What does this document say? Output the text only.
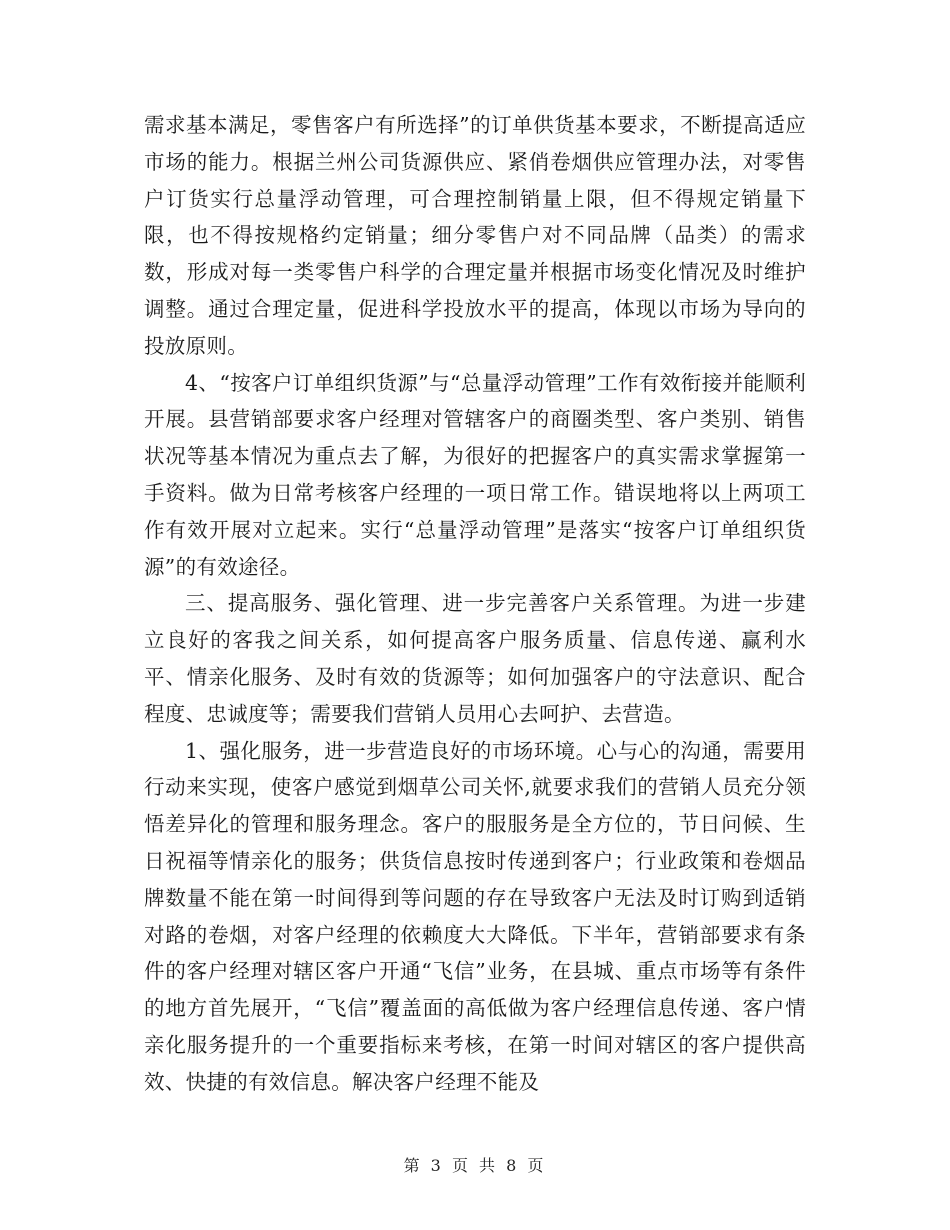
需求基本满足，零售客户有所选择”的订单供货基本要求，不断提高适应市场的能力。根据兰州公司货源供应、紧俏卷烟供应管理办法，对零售户订货实行总量浮动管理，可合理控制销量上限，但不得规定销量下限，也不得按规格约定销量；细分零售户对不同品牌（品类）的需求数，形成对每一类零售户科学的合理定量并根据市场变化情况及时维护调整。通过合理定量，促进科学投放水平的提高，体现以市场为导向的投放原则。

4、“按客户订单组织货源”与“总量浮动管理”工作有效衔接并能顺利开展。县营销部要求客户经理对管辖客户的商圈类型、客户类别、销售状况等基本情况为重点去了解，为很好的把握客户的真实需求掌握第一手资料。做为日常考核客户经理的一项日常工作。错误地将以上两项工作有效开展对立起来。实行“总量浮动管理”是落实“按客户订单组织货源”的有效途径。

三、提高服务、强化管理、进一步完善客户关系管理。为进一步建立良好的客我之间关系，如何提高客户服务质量、信息传递、赢利水平、情亲化服务、及时有效的货源等；如何加强客户的守法意识、配合程度、忠诚度等；需要我们营销人员用心去呵护、去营造。

1、强化服务，进一步营造良好的市场环境。心与心的沟通，需要用行动来实现，使客户感觉到烟草公司关怀,就要求我们的营销人员充分领悟差异化的管理和服务理念。客户的服服务是全方位的，节日问候、生日祝福等情亲化的服务；供货信息按时传递到客户；行业政策和卷烟品牌数量不能在第一时间得到等问题的存在导致客户无法及时订购到适销对路的卷烟，对客户经理的依赖度大大降低。下半年，营销部要求有条件的客户经理对辖区客户开通“飞信”业务，在县城、重点市场等有条件的地方首先展开，“飞信”覆盖面的高低做为客户经理信息传递、客户情亲化服务提升的一个重要指标来考核，在第一时间对辖区的客户提供高效、快捷的有效信息。解决客户经理不能及

第 3 页 共 8 页
